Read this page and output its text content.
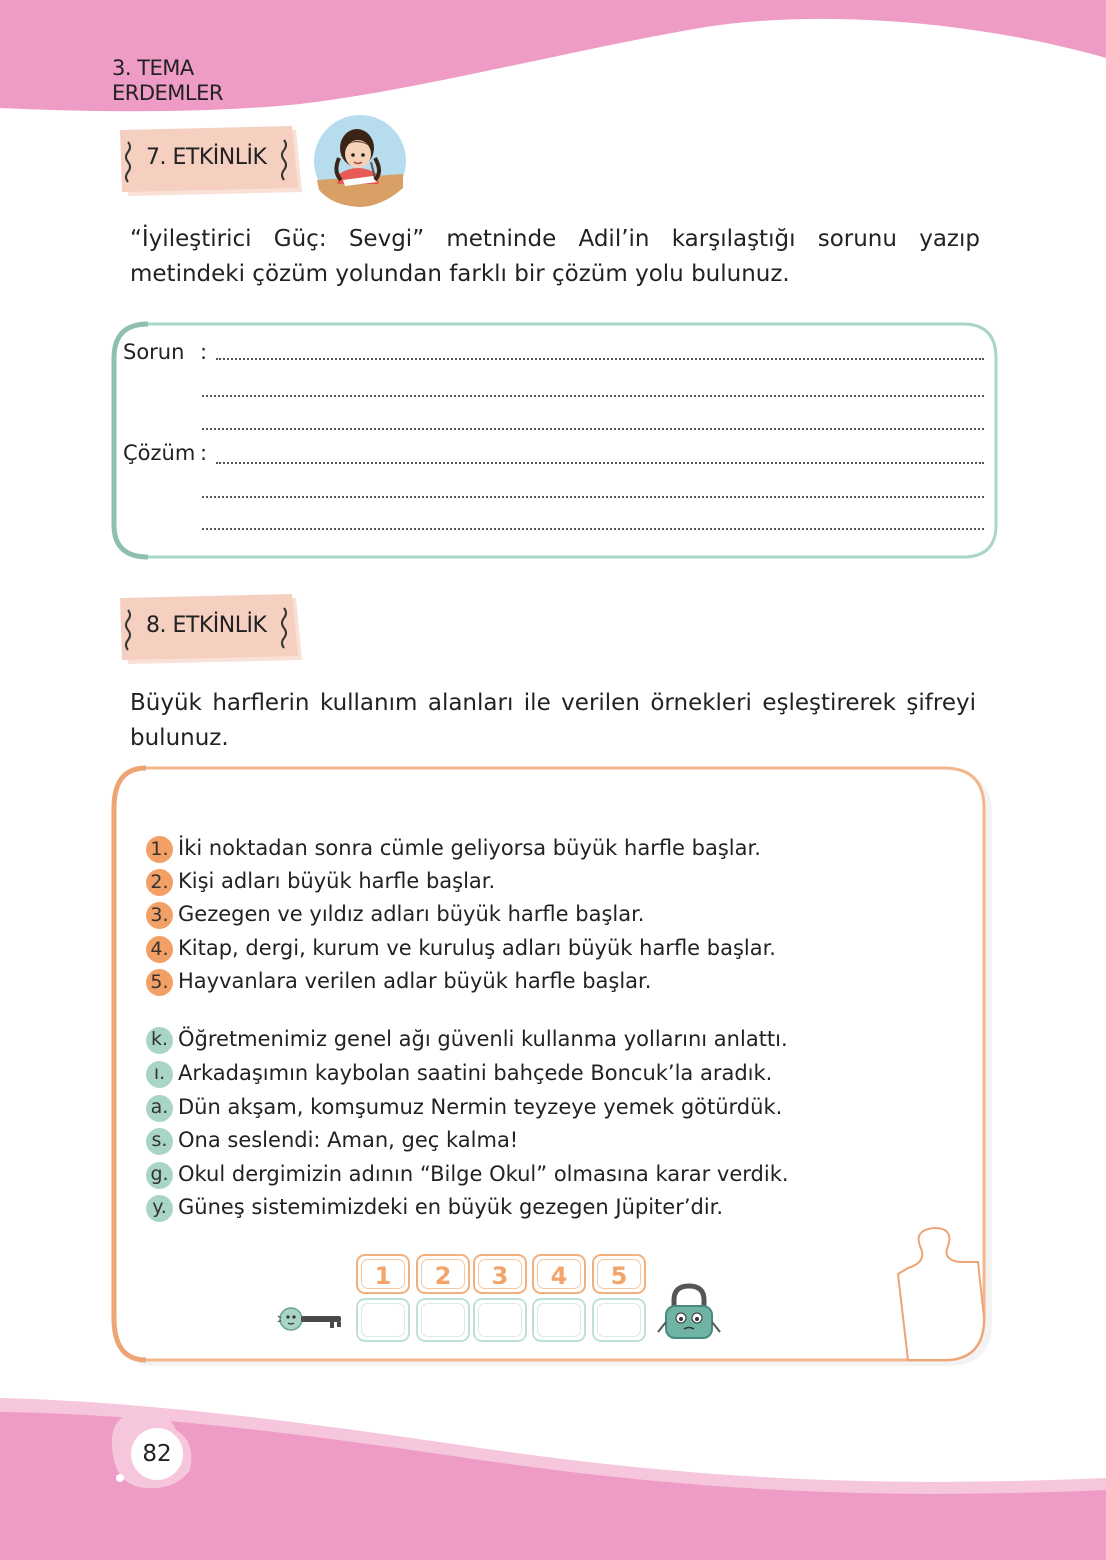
3. TEMA
ERDEMLER
7. ETKİNLİK
“İyileştirici Güç: Sevgi” metninde Adil’in karşılaştığı sorunu yazıp metindeki çözüm yolundan farklı bir çözüm yolu bulunuz.
Sorun :
Çözüm :
8. ETKİNLİK
Büyük harflerin kullanım alanları ile verilen örnekleri eşleştirerek şifreyi bulunuz.
1. İki noktadan sonra cümle geliyorsa büyük harfle başlar.
2. Kişi adları büyük harfle başlar.
3. Gezegen ve yıldız adları büyük harfle başlar.
4. Kitap, dergi, kurum ve kuruluş adları büyük harfle başlar.
5. Hayvanlara verilen adlar büyük harfle başlar.
k. Öğretmenimiz genel ağı güvenli kullanma yollarını anlattı.
ı. Arkadaşımın kaybolan saatini bahçede Boncuk’la aradık.
a. Dün akşam, komşumuz Nermin teyzeye yemek götürdük.
s. Ona seslendi: Aman, geç kalma!
g. Okul dergimizin adının “Bilge Okul” olmasına karar verdik.
y. Güneş sistemimizdeki en büyük gezegen Jüpiter’dir.
1	2	3	4	5
82
